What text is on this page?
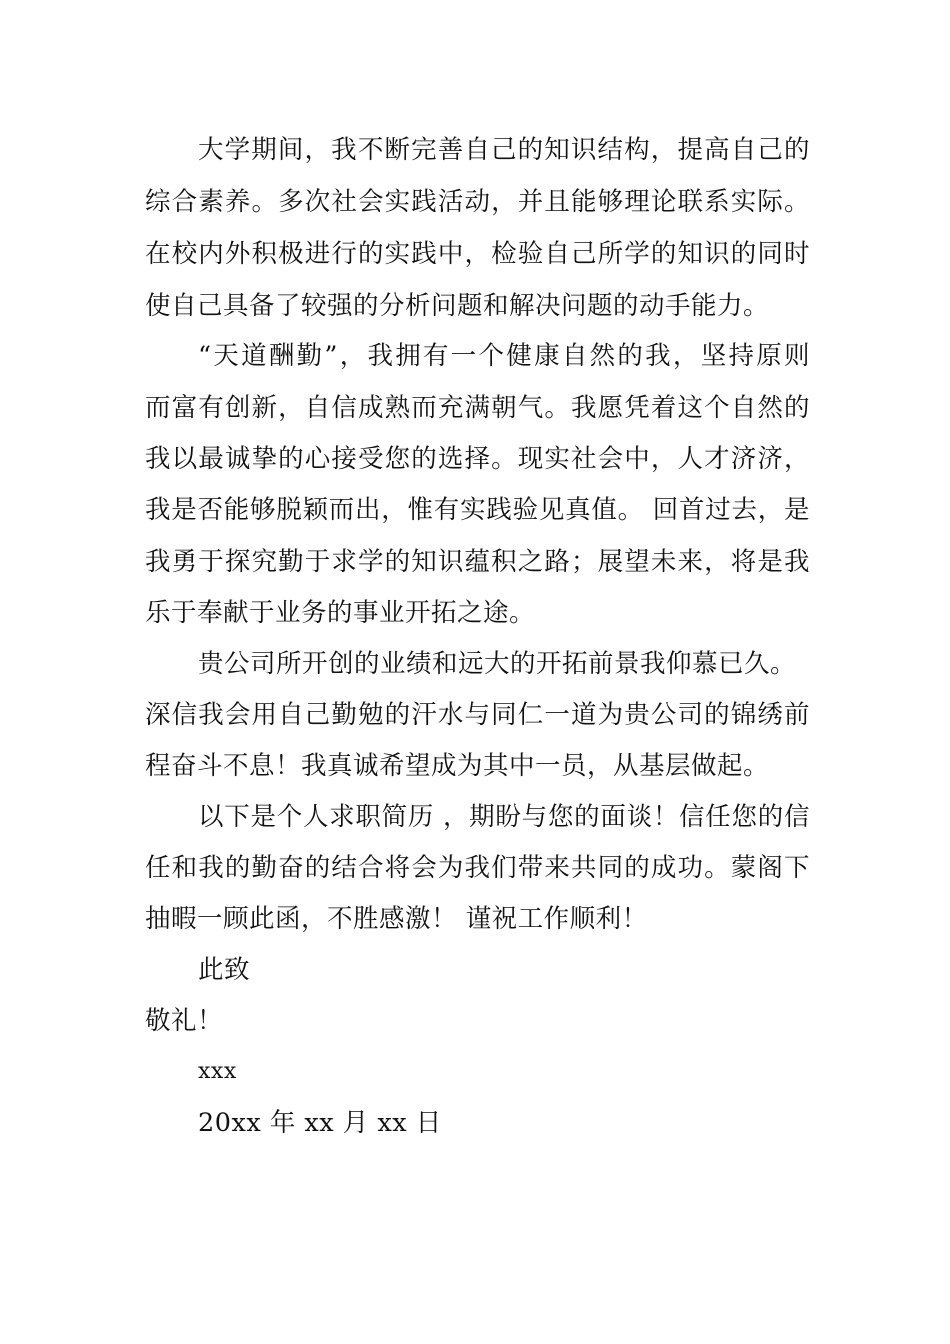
大学期间，我不断完善自己的知识结构，提高自己的
综合素养。多次社会实践活动，并且能够理论联系实际。
在校内外积极进行的实践中，检验自己所学的知识的同时
使自己具备了较强的分析问题和解决问题的动手能力。
“天道酬勤”，我拥有一个健康自然的我，坚持原则
而富有创新，自信成熟而充满朝气。我愿凭着这个自然的
我以最诚挚的心接受您的选择。现实社会中，人才济济，
我是否能够脱颖而出，惟有实践验见真值。 回首过去，是
我勇于探究勤于求学的知识蕴积之路；展望未来，将是我
乐于奉献于业务的事业开拓之途。
贵公司所开创的业绩和远大的开拓前景我仰慕已久。
深信我会用自己勤勉的汗水与同仁一道为贵公司的锦绣前
程奋斗不息！我真诚希望成为其中一员，从基层做起。
以下是个人求职简历 ，期盼与您的面谈！信任您的信
任和我的勤奋的结合将会为我们带来共同的成功。蒙阁下
抽暇一顾此函，不胜感激！ 谨祝工作顺利！
此致
敬礼！
xxx
20xx 年 xx 月 xx 日
